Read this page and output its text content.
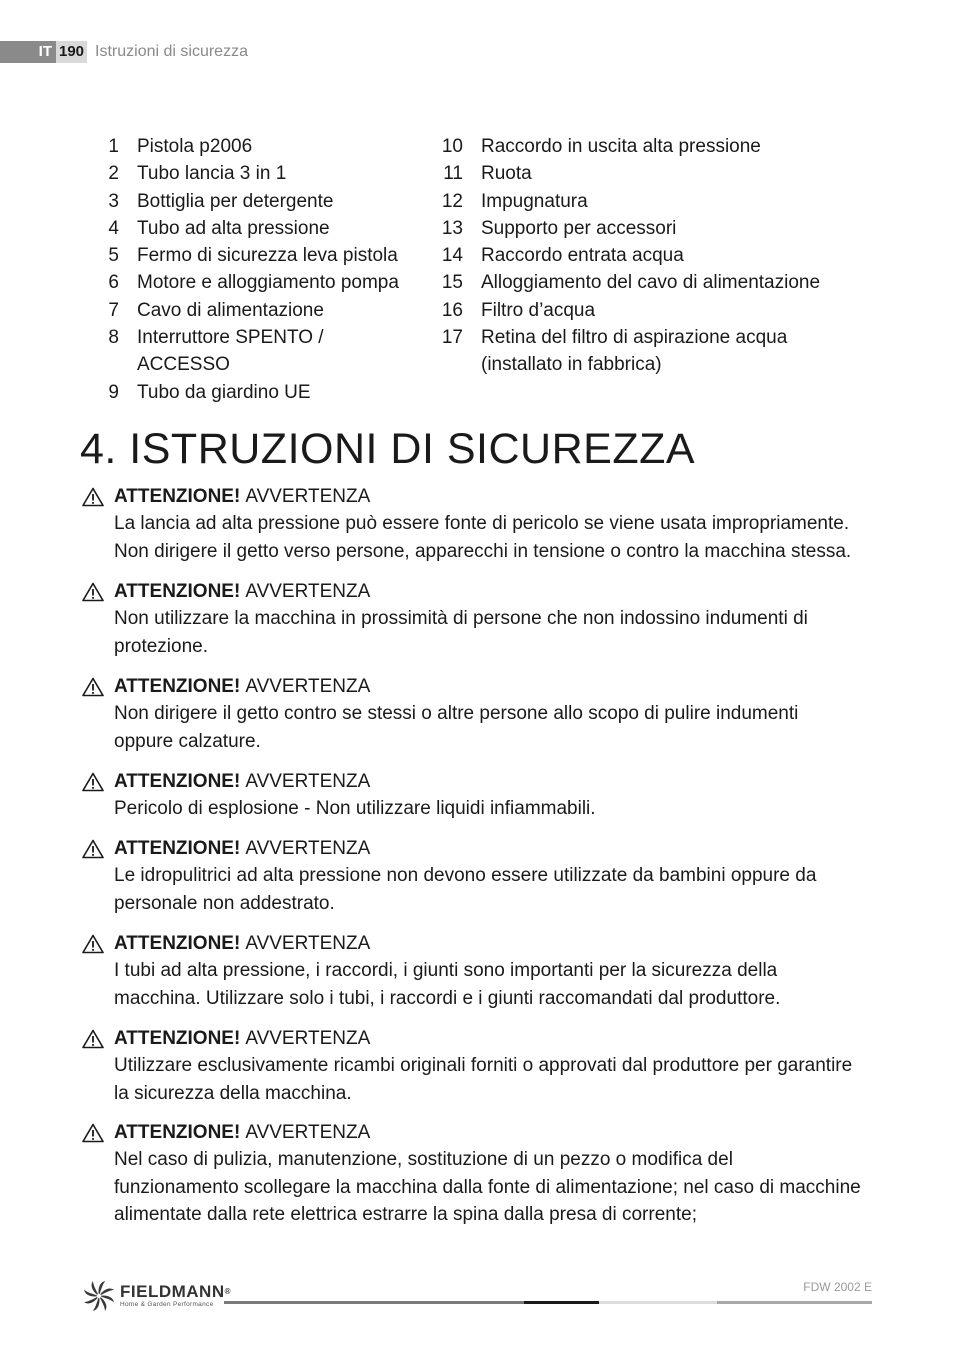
IT 190 Istruzioni di sicurezza
1 Pistola p2006
2 Tubo lancia 3 in 1
3 Bottiglia per detergente
4 Tubo ad alta pressione
5 Fermo di sicurezza leva pistola
6 Motore e alloggiamento pompa
7 Cavo di alimentazione
8 Interruttore SPENTO / ACCESSO
9 Tubo da giardino UE
10 Raccordo in uscita alta pressione
11 Ruota
12 Impugnatura
13 Supporto per accessori
14 Raccordo entrata acqua
15 Alloggiamento del cavo di alimentazione
16 Filtro d’acqua
17 Retina del filtro di aspirazione acqua (installato in fabbrica)
4. ISTRUZIONI DI SICUREZZA
ATTENZIONE! AVVERTENZA
La lancia ad alta pressione può essere fonte di pericolo se viene usata impropriamente. Non dirigere il getto verso persone, apparecchi in tensione o contro la macchina stessa.
ATTENZIONE! AVVERTENZA
Non utilizzare la macchina in prossimità di persone che non indossino indumenti di protezione.
ATTENZIONE! AVVERTENZA
Non dirigere il getto contro se stessi o altre persone allo scopo di pulire indumenti oppure calzature.
ATTENZIONE! AVVERTENZA
Pericolo di esplosione - Non utilizzare liquidi infiammabili.
ATTENZIONE! AVVERTENZA
Le idropulitrici ad alta pressione non devono essere utilizzate da bambini oppure da personale non addestrato.
ATTENZIONE! AVVERTENZA
I tubi ad alta pressione, i raccordi, i giunti sono importanti per la sicurezza della macchina. Utilizzare solo i tubi, i raccordi e i giunti raccomandati dal produttore.
ATTENZIONE! AVVERTENZA
Utilizzare esclusivamente ricambi originali forniti o approvati dal produttore per garantire la sicurezza della macchina.
ATTENZIONE! AVVERTENZA
Nel caso di pulizia, manutenzione, sostituzione di un pezzo o modifica del funzionamento scollegare la macchina dalla fonte di alimentazione; nel caso di macchine alimentate dalla rete elettrica estrarre la spina dalla presa di corrente;
FIELDMANN®
Home & Garden Performance
FDW 2002 E
